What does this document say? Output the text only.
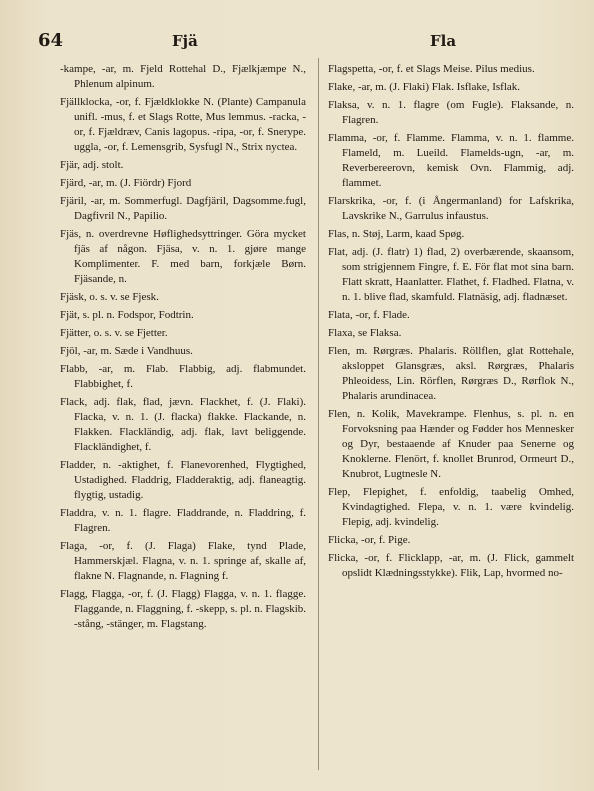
64	Fjä	Fla

-kampe, -ar, m. Fjeld Rottehal D., Fjælkjæmpe N., Phlenum alpinum.

Fjällklocka, -or, f. Fjældklokke N. (Plante) Campanula unifl. -mus, f. et Slags Rotte, Mus lemmus. -racka, -or, f. Fjældræv, Canis lagopus. -ripa, -or, f. Snerype. uggla, -or, f. Lemensgrib, Sysfugl N., Strix nyctea.

Fjär, adj. stolt.

Fjärd, -ar, m. (J. Fiördr) Fjord

Fjäril, -ar, m. Sommerfugl. Dagfjäril, Dagsomme.fugl, Dagfivril N., Papilio.

Fjäs, n. overdrevne Høflighedsyttringer. Göra mycket fjäs af någon. Fjäsa, v. n. 1. gjøre mange Komplimenter. F. med barn, forkjæle Børn. Fjäsande, n.

Fjäsk, o. s. v. se Fjesk.

Fjät, s. pl. n. Fodspor, Fodtrin.

Fjätter, o. s. v. se Fjetter.

Fjöl, -ar, m. Sæde i Vandhuus.

Flabb, -ar, m. Flab. Flabbig, adj. flabmundet. Flabbighet, f.

Flack, adj. flak, flad, jævn. Flackhet, f. (J. Flaki). Flacka, v. n. 1. (J. flacka) flakke. Flackande, n. Flakken. Flackländig, adj. flak, lavt beliggende. Flackländighet, f.

Fladder, n. -aktighet, f. Flanevorenhed, Flygtighed, Ustadighed. Fladdrig, Fladderaktig, adj. flaneagtig. flygtig, ustadig.

Fladdra, v. n. 1. flagre. Fladdrande, n. Fladdring, f. Flagren.

Flaga, -or, f. (J. Flaga) Flake, tynd Plade, Hammerskjæl. Flagna, v. n. 1. springe af, skalle af, flakne N. Flagnande, n. Flagning f.

Flagg, Flagga, -or, f. (J. Flagg) Flagga, v. n. 1. flagge. Flaggande, n. Flaggning, f. -skepp, s. pl. n. Flagskib. -stång, -stänger, m. Flagstang.

Flagspetta, -or, f. et Slags Meise. Pilus medius.

Flake, -ar, m. (J. Flaki) Flak. Isflake, Isflak.

Flaksa, v. n. 1. flagre (om Fugle). Flaksande, n. Flagren.

Flamma, -or, f. Flamme. Flamma, v. n. 1. flamme. Flameld, m. Lueild. Flamelds-ugn, -ar, m. Reverbereerovn, kemisk Ovn. Flammig, adj. flammet.

Flarskrika, -or, f. (i Ångermanland) for Lafskrika, Lavskrike N., Garrulus infaustus.

Flas, n. Støj, Larm, kaad Spøg.

Flat, adj. (J. flatr) 1) flad, 2) overbærende, skaansom, som strigjennem Fingre, f. E. För flat mot sina barn. Flatt skratt, Haanlatter. Flathet, f. Fladhed. Flatna, v. n. 1. blive flad, skamfuld. Flatnäsig, adj. fladnæset.

Flata, -or, f. Flade.

Flaxa, se Flaksa.

Flen, m. Rørgræs. Phalaris. Röllflen, glat Rottehale, aksloppet Glansgræs, aksl. Rørgræs, Phalaris Phleoidess, Lin. Rörflen, Rørgræs D., Rørflok N., Phalaris arundinacea.

Flen, n. Kolik, Mavekrampe. Flenhus, s. pl. n. en Forvoksning paa Hænder og Fødder hos Mennesker og Dyr, bestaaende af Knuder paa Senerne og Knoklerne. Flenört, f. knollet Brunrod, Ormeurt D., Knubrot, Lugtnesle N.

Flep, Flepighet, f. enfoldig, taabelig Omhed, Kvindagtighed. Flepa, v. n. 1. være kvindelig. Flepig, adj. kvindelig.

Flicka, -or, f. Pige.

Flicka, -or, f. Flicklapp, -ar, m. (J. Flick, gammelt opslidt Klædningsstykke). Flik, Lap, hvormed no-
